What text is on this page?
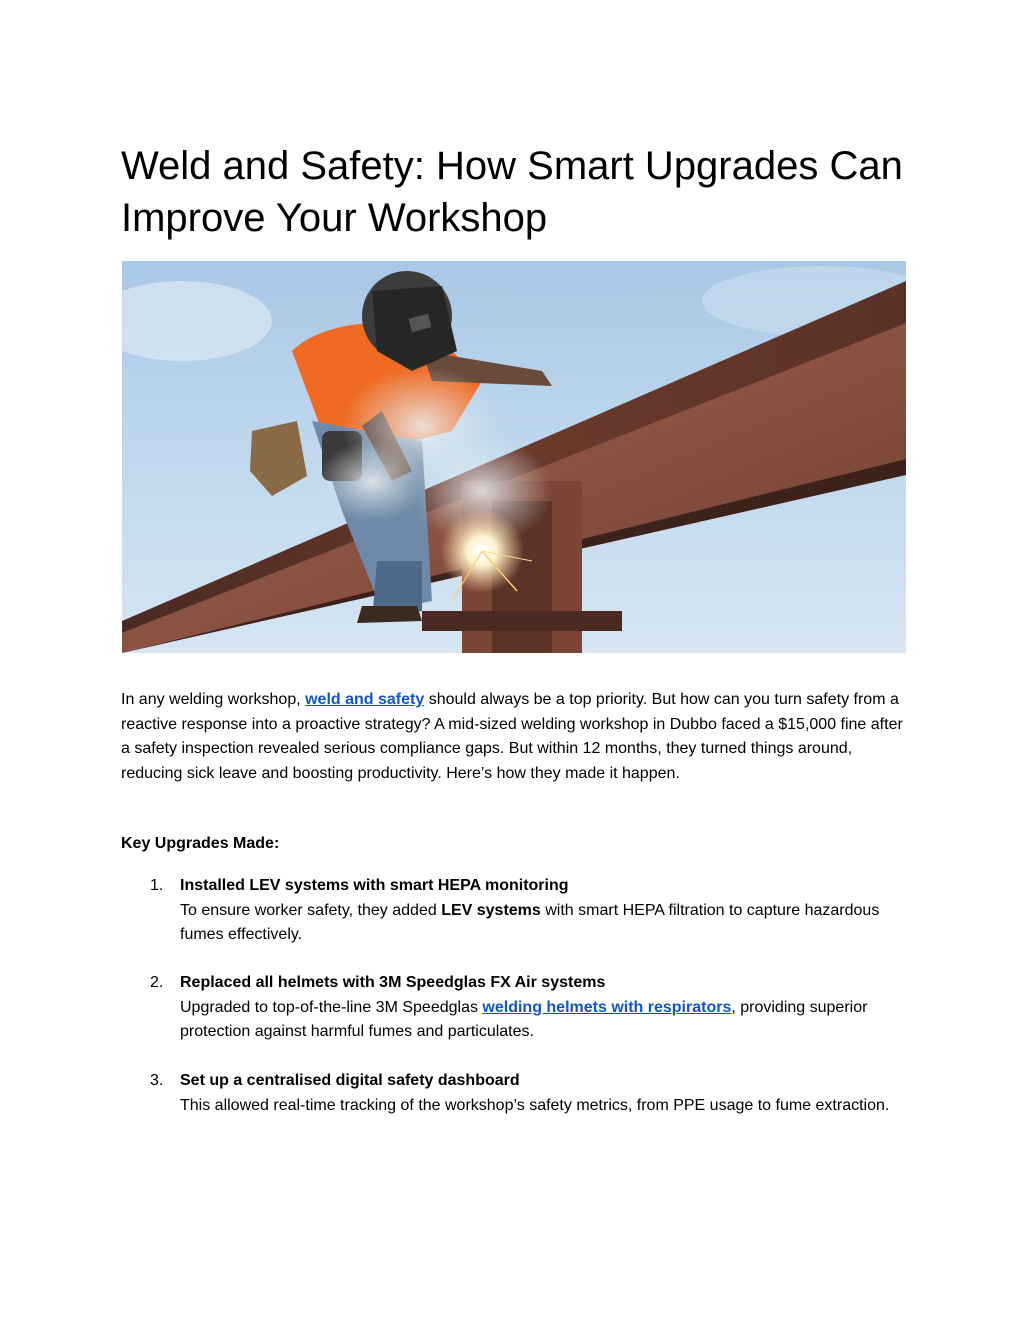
Weld and Safety: How Smart Upgrades Can Improve Your Workshop

In any welding workshop, weld and safety should always be a top priority. But how can you turn safety from a reactive response into a proactive strategy? A mid-sized welding workshop in Dubbo faced a $15,000 fine after a safety inspection revealed serious compliance gaps. But within 12 months, they turned things around, reducing sick leave and boosting productivity. Here’s how they made it happen.

Key Upgrades Made:

1. Installed LEV systems with smart HEPA monitoring
To ensure worker safety, they added LEV systems with smart HEPA filtration to capture hazardous fumes effectively.
2. Replaced all helmets with 3M Speedglas FX Air systems
Upgraded to top-of-the-line 3M Speedglas welding helmets with respirators, providing superior protection against harmful fumes and particulates.
3. Set up a centralised digital safety dashboard
This allowed real-time tracking of the workshop’s safety metrics, from PPE usage to fume extraction.
